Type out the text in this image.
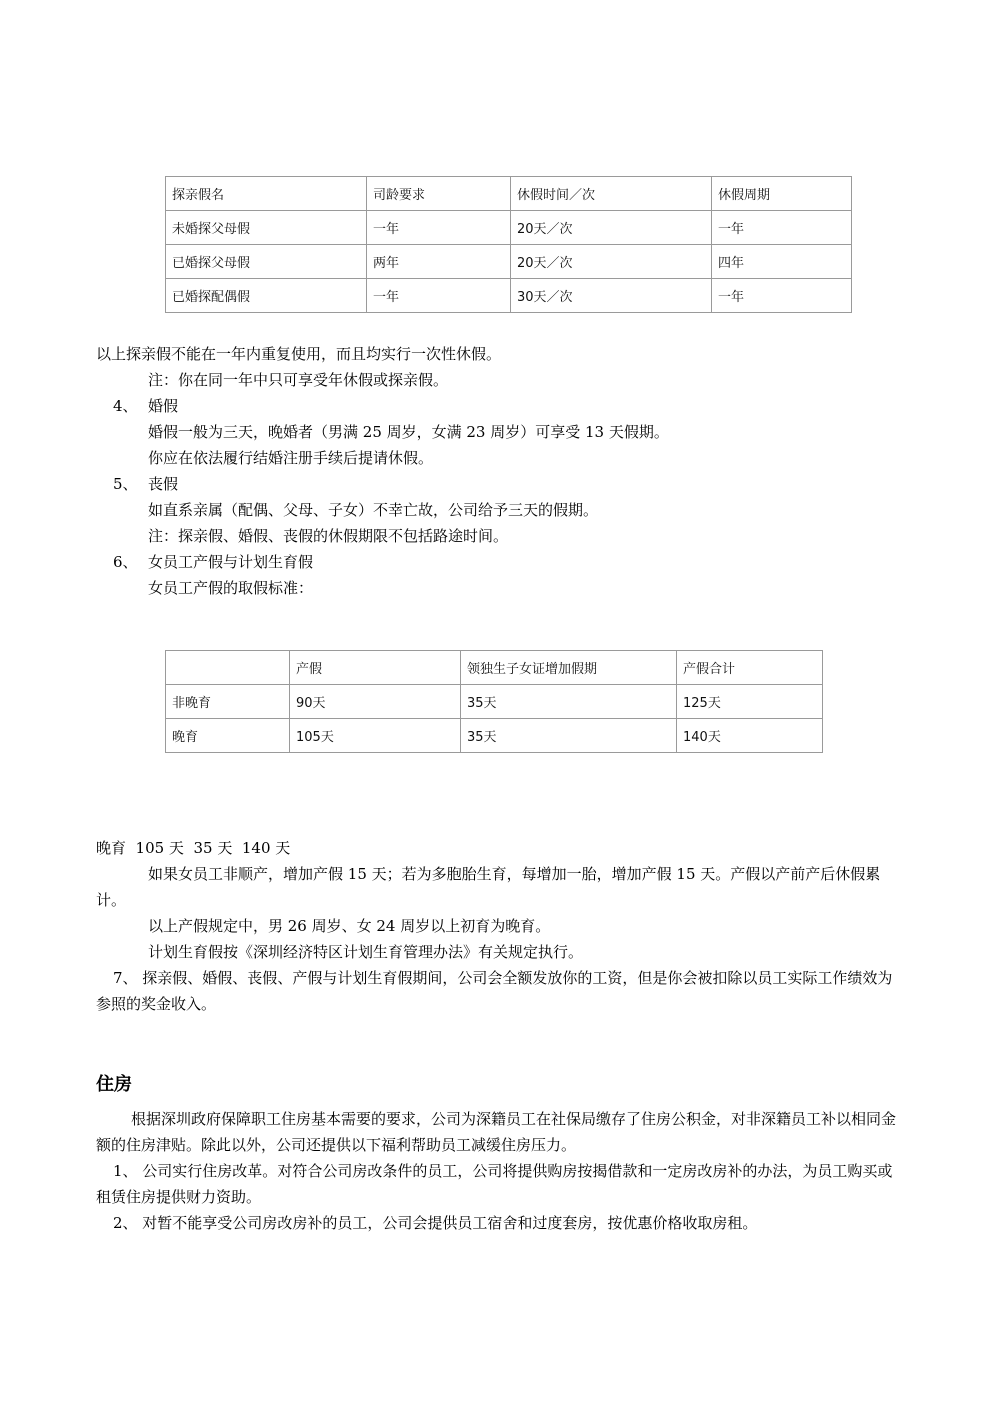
探亲假名	司龄要求	休假时间／次	休假周期
未婚探父母假	一年	20天／次	一年
已婚探父母假	两年	20天／次	四年
已婚探配偶假	一年	30天／次	一年
以上探亲假不能在一年内重复使用，而且均实行一次性休假。
注：你在同一年中只可享受年休假或探亲假。
4、 婚假
婚假一般为三天，晚婚者（男满 25 周岁，女满 23 周岁）可享受 13 天假期。
你应在依法履行结婚注册手续后提请休假。
5、 丧假
如直系亲属（配偶、父母、子女）不幸亡故，公司给予三天的假期。
注：探亲假、婚假、丧假的休假期限不包括路途时间。
6、 女员工产假与计划生育假
女员工产假的取假标准：
	产假	领独生子女证增加假期	产假合计
非晚育	90天	35天	125天
晚育	105天	35天	140天
晚育  105 天  35 天  140 天
如果女员工非顺产，增加产假 15 天；若为多胞胎生育，每增加一胎，增加产假 15 天。产假以产前产后休假累计。
以上产假规定中，男 26 周岁、女 24 周岁以上初育为晚育。
计划生育假按《深圳经济特区计划生育管理办法》有关规定执行。
7、 探亲假、婚假、丧假、产假与计划生育假期间，公司会全额发放你的工资，但是你会被扣除以员工实际工作绩效为参照的奖金收入。
住房
根据深圳政府保障职工住房基本需要的要求，公司为深籍员工在社保局缴存了住房公积金，对非深籍员工补以相同金额的住房津贴。除此以外，公司还提供以下福利帮助员工减缓住房压力。
1、 公司实行住房改革。对符合公司房改条件的员工，公司将提供购房按揭借款和一定房改房补的办法，为员工购买或租赁住房提供财力资助。
2、 对暂不能享受公司房改房补的员工，公司会提供员工宿舍和过度套房，按优惠价格收取房租。
